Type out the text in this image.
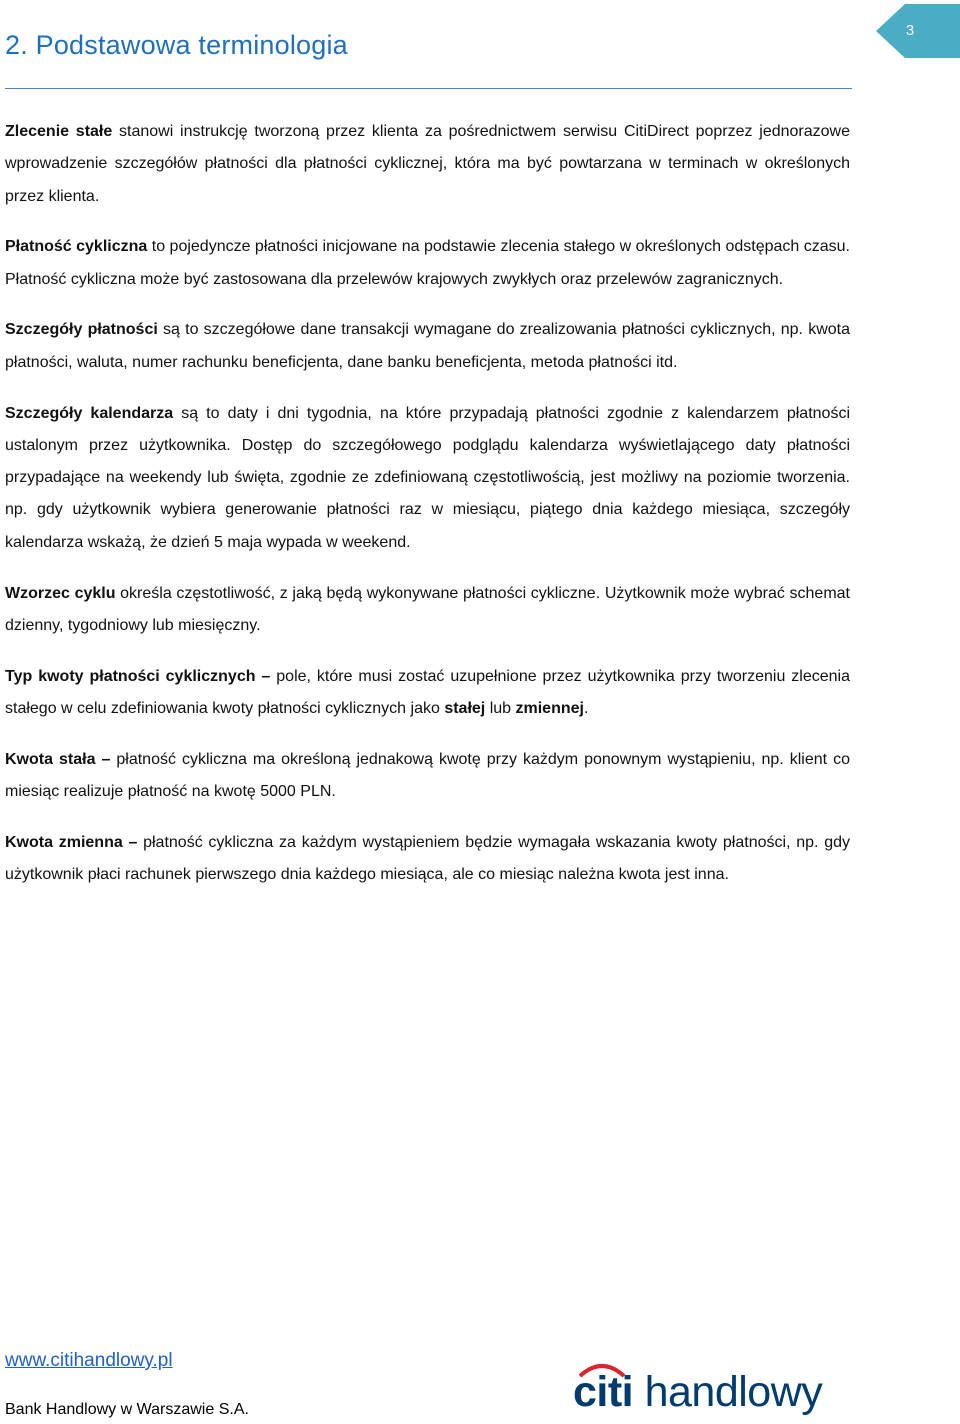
2. Podstawowa terminologia	3

Zlecenie stałe stanowi instrukcję tworzoną przez klienta za pośrednictwem serwisu CitiDirect poprzez jednorazowe wprowadzenie szczegółów płatności dla płatności cyklicznej, która ma być powtarzana w terminach w określonych przez klienta.

Płatność cykliczna to pojedyncze płatności inicjowane na podstawie zlecenia stałego w określonych odstępach czasu. Płatność cykliczna może być zastosowana dla przelewów krajowych zwykłych oraz przelewów zagranicznych.

Szczegóły płatności są to szczegółowe dane transakcji wymagane do zrealizowania płatności cyklicznych, np. kwota płatności, waluta, numer rachunku beneficjenta, dane banku beneficjenta, metoda płatności itd.

Szczegóły kalendarza są to daty i dni tygodnia, na które przypadają płatności zgodnie z kalendarzem płatności ustalonym przez użytkownika. Dostęp do szczegółowego podglądu kalendarza wyświetlającego daty płatności przypadające na weekendy lub święta, zgodnie ze zdefiniowaną częstotliwością, jest możliwy na poziomie tworzenia. np. gdy użytkownik wybiera generowanie płatności raz w miesiącu, piątego dnia każdego miesiąca, szczegóły kalendarza wskażą, że dzień 5 maja wypada w weekend.

Wzorzec cyklu określa częstotliwość, z jaką będą wykonywane płatności cykliczne. Użytkownik może wybrać schemat dzienny, tygodniowy lub miesięczny.

Typ kwoty płatności cyklicznych – pole, które musi zostać uzupełnione przez użytkownika przy tworzeniu zlecenia stałego w celu zdefiniowania kwoty płatności cyklicznych jako stałej lub zmiennej.

Kwota stała – płatność cykliczna ma określoną jednakową kwotę przy każdym ponownym wystąpieniu, np. klient co miesiąc realizuje płatność na kwotę 5000 PLN.

Kwota zmienna – płatność cykliczna za każdym wystąpieniem będzie wymagała wskazania kwoty płatności, np. gdy użytkownik płaci rachunek pierwszego dnia każdego miesiąca, ale co miesiąc należna kwota jest inna.

www.citihandlowy.pl
Bank Handlowy w Warszawie S.A.	citi handlowy
